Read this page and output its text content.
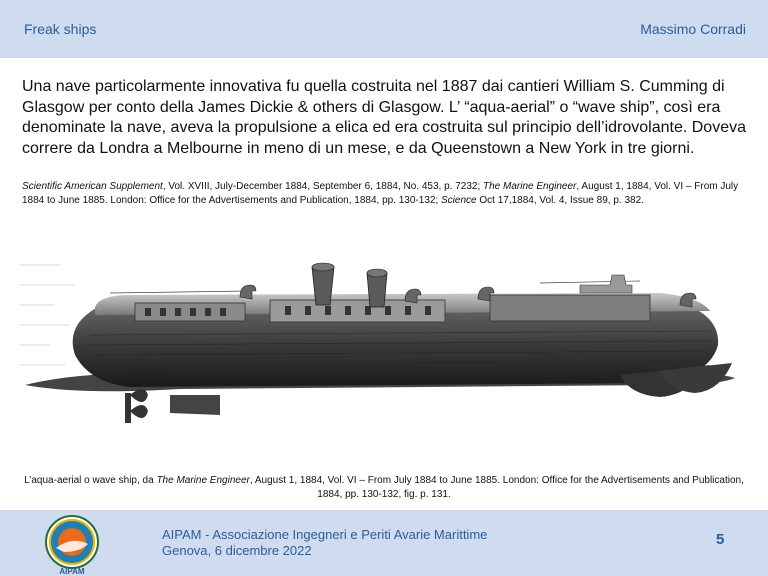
Freak ships	Massimo Corradi
Una nave particolarmente innovativa fu quella costruita nel 1887 dai cantieri William S. Cumming di Glasgow per conto della James Dickie & others di Glasgow. L’ “aqua-aerial” o “wave ship”, così era denominate la nave, aveva la propulsione a elica ed era costruita sul principio dell’idrovolante. Doveva correre da Londra a Melbourne in meno di un mese, e da Queenstown a New York in tre giorni.
Scientific American Supplement, Vol. XVIII, July-December 1884, September 6, 1884, No. 453, p. 7232; The Marine Engineer, August 1, 1884, Vol. VI – From July 1884 to June 1885. London: Office for the Advertisements and Publication, 1884, pp. 130-132; Science Oct 17,1884, Vol. 4, Issue 89, p. 382.
L’aqua-aerial o wave ship, da The Marine Engineer, August 1, 1884, Vol. VI – From July 1884 to June 1885. London: Office for the Advertisements and Publication, 1884, pp. 130-132, fig. p. 131.
AIPAM
AIPAM - Associazione Ingegneri e Periti Avarie Marittime
Genova, 6 dicembre 2022
5
